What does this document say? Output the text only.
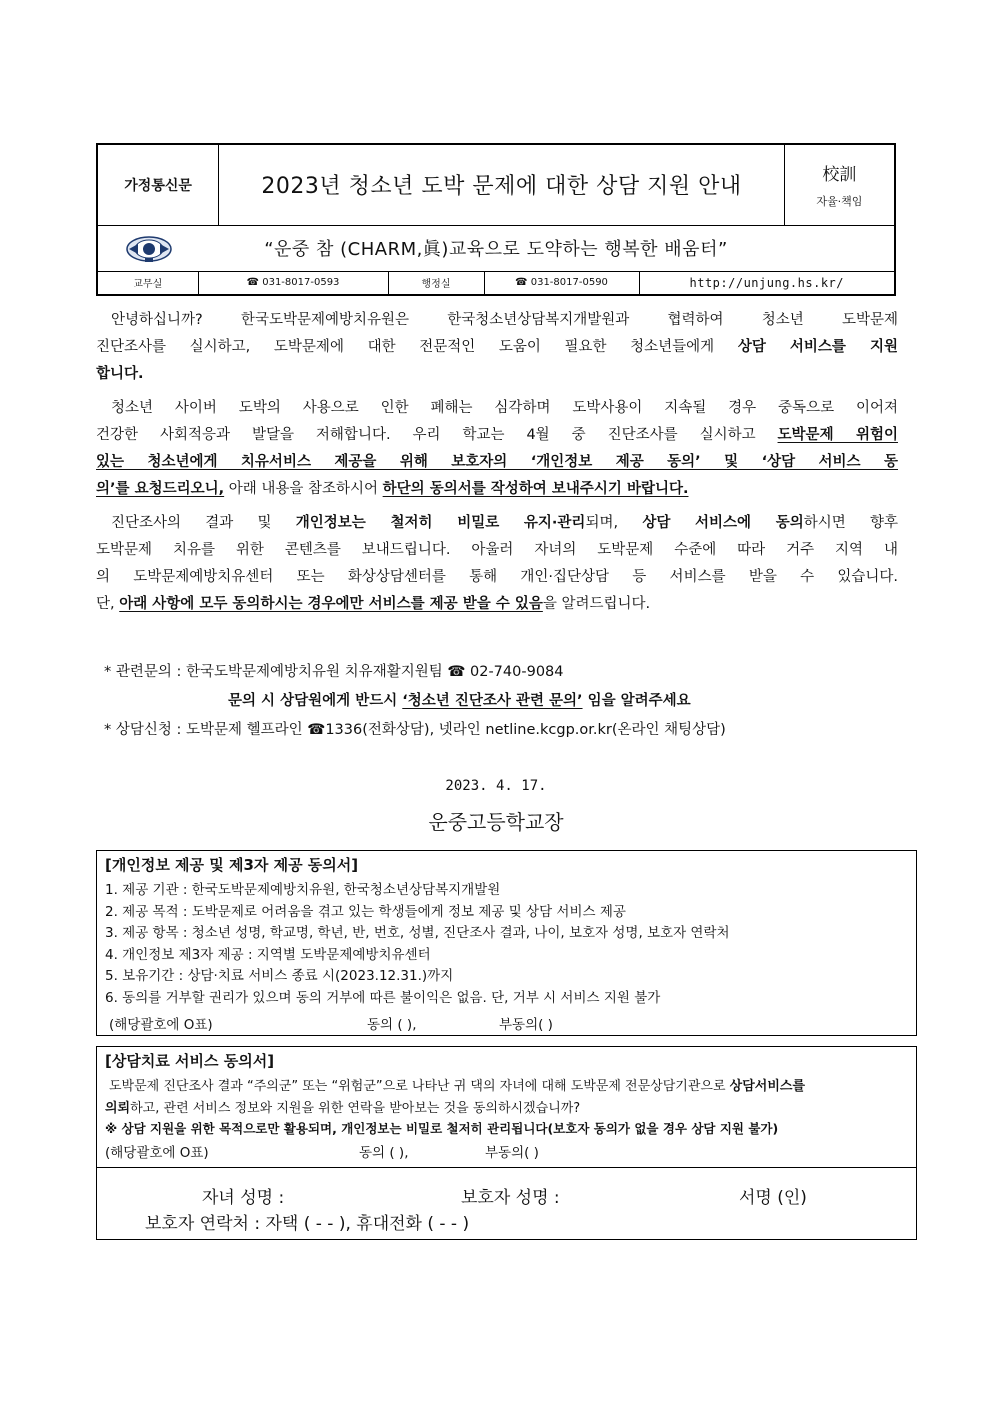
가정통신문	2023년 청소년 도박 문제에 대한 상담 지원 안내	校訓
자율·책임

“운중 참 (CHARM,眞)교육으로 도약하는 행복한 배움터”

교무실	☎ 031-8017-0593	행정실	☎ 031-8017-0590	http://unjung.hs.kr/
안녕하십니까? 한국도박문제예방치유원은 한국청소년상담복지개발원과 협력하여 청소년 도박문제
진단조사를 실시하고, 도박문제에 대한 전문적인 도움이 필요한 청소년들에게 상담 서비스를 지원
합니다.
청소년 사이버 도박의 사용으로 인한 폐해는 심각하며 도박사용이 지속될 경우 중독으로 이어져
건강한 사회적응과 발달을 저해합니다. 우리 학교는 4월 중 진단조사를 실시하고 도박문제 위험이
있는 청소년에게 치유서비스 제공을 위해 보호자의 ‘개인정보 제공 동의’ 및 ‘상담 서비스 동
의’를 요청드리오니, 아래 내용을 참조하시어 하단의 동의서를 작성하여 보내주시기 바랍니다.
진단조사의 결과 및 개인정보는 철저히 비밀로 유지·관리되며, 상담 서비스에 동의하시면 향후
도박문제 치유를 위한 콘텐츠를 보내드립니다. 아울러 자녀의 도박문제 수준에 따라 거주 지역 내
의 도박문제예방치유센터 또는 화상상담센터를 통해 개인·집단상담 등 서비스를 받을 수 있습니다.
단, 아래 사항에 모두 동의하시는 경우에만 서비스를 제공 받을 수 있음을 알려드립니다.
* 관련문의 : 한국도박문제예방치유원 치유재활지원팀 ☎ 02-740-9084
문의 시 상담원에게 반드시 ‘청소년 진단조사 관련 문의’ 임을 알려주세요
* 상담신청 : 도박문제 헬프라인 ☎1336(전화상담), 넷라인 netline.kcgp.or.kr(온라인 채팅상담)
2023. 4. 17.
운중고등학교장
[개인정보 제공 및 제3자 제공 동의서]
1. 제공 기관 : 한국도박문제예방치유원, 한국청소년상담복지개발원
2. 제공 목적 : 도박문제로 어려움을 겪고 있는 학생들에게 정보 제공 및 상담 서비스 제공
3. 제공 항목 : 청소년 성명, 학교명, 학년, 반, 번호, 성별, 진단조사 결과, 나이, 보호자 성명, 보호자 연락처
4. 개인정보 제3자 제공 : 지역별 도박문제예방치유센터
5. 보유기간 : 상담·치료 서비스 종료 시(2023.12.31.)까지
6. 동의를 거부할 권리가 있으며 동의 거부에 따른 불이익은 없음. 단, 거부 시 서비스 지원 불가
(해당괄호에 O표)	동의 ( ),	부동의( )
[상담치료 서비스 동의서]
도박문제 진단조사 결과 “주의군” 또는 “위험군”으로 나타난 귀 댁의 자녀에 대해 도박문제 전문상담기관으로 상담서비스를
의뢰하고, 관련 서비스 정보와 지원을 위한 연락을 받아보는 것을 동의하시겠습니까?
※ 상담 지원을 위한 목적으로만 활용되며, 개인정보는 비밀로 철저히 관리됩니다(보호자 동의가 없을 경우 상담 지원 불가)
(해당괄호에 O표)	동의 ( ),	부동의( )
자녀 성명 :	보호자 성명 :	서명 (인)
보호자 연락처 : 자택 ( - - ), 휴대전화 ( - - )
